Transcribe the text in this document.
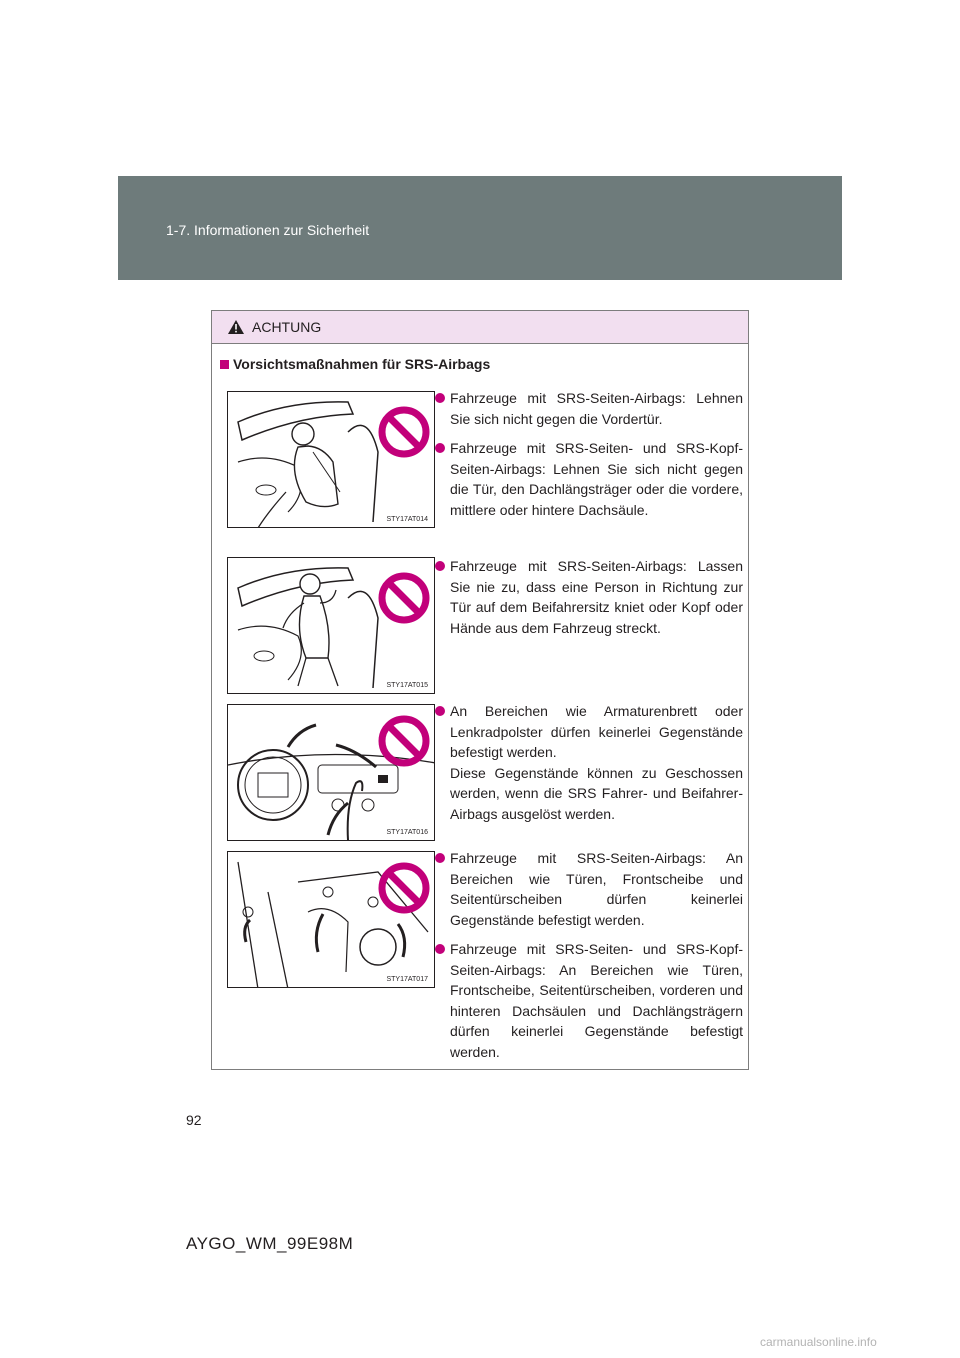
1-7. Informationen zur Sicherheit
ACHTUNG
Vorsichtsmaßnahmen für SRS-Airbags
STY17AT014
STY17AT015
STY17AT016
STY17AT017
Fahrzeuge mit SRS-Seiten-Airbags: Lehnen Sie sich nicht gegen die Vordertür.
Fahrzeuge mit SRS-Seiten- und SRS-Kopf-Seiten-Airbags: Lehnen Sie sich nicht gegen die Tür, den Dachlängsträger oder die vordere, mittlere oder hintere Dachsäule.
Fahrzeuge mit SRS-Seiten-Airbags: Lassen Sie nie zu, dass eine Person in Richtung zur Tür auf dem Beifahrersitz kniet oder Kopf oder Hände aus dem Fahrzeug streckt.
An Bereichen wie Armaturenbrett oder Lenkradpolster dürfen keinerlei Gegenstände befestigt werden.
Diese Gegenstände können zu Geschossen werden, wenn die SRS Fahrer- und Beifahrer-Airbags ausgelöst werden.
Fahrzeuge mit SRS-Seiten-Airbags: An Bereichen wie Türen, Frontscheibe und Seitentürscheiben dürfen keinerlei Gegenstände befestigt werden.
Fahrzeuge mit SRS-Seiten- und SRS-Kopf-Seiten-Airbags: An Bereichen wie Türen, Frontscheibe, Seitentürscheiben, vorderen und hinteren Dachsäulen und Dachlängsträgern dürfen keinerlei Gegenstände befestigt werden.
92
AYGO_WM_99E98M
carmanualsonline.info
